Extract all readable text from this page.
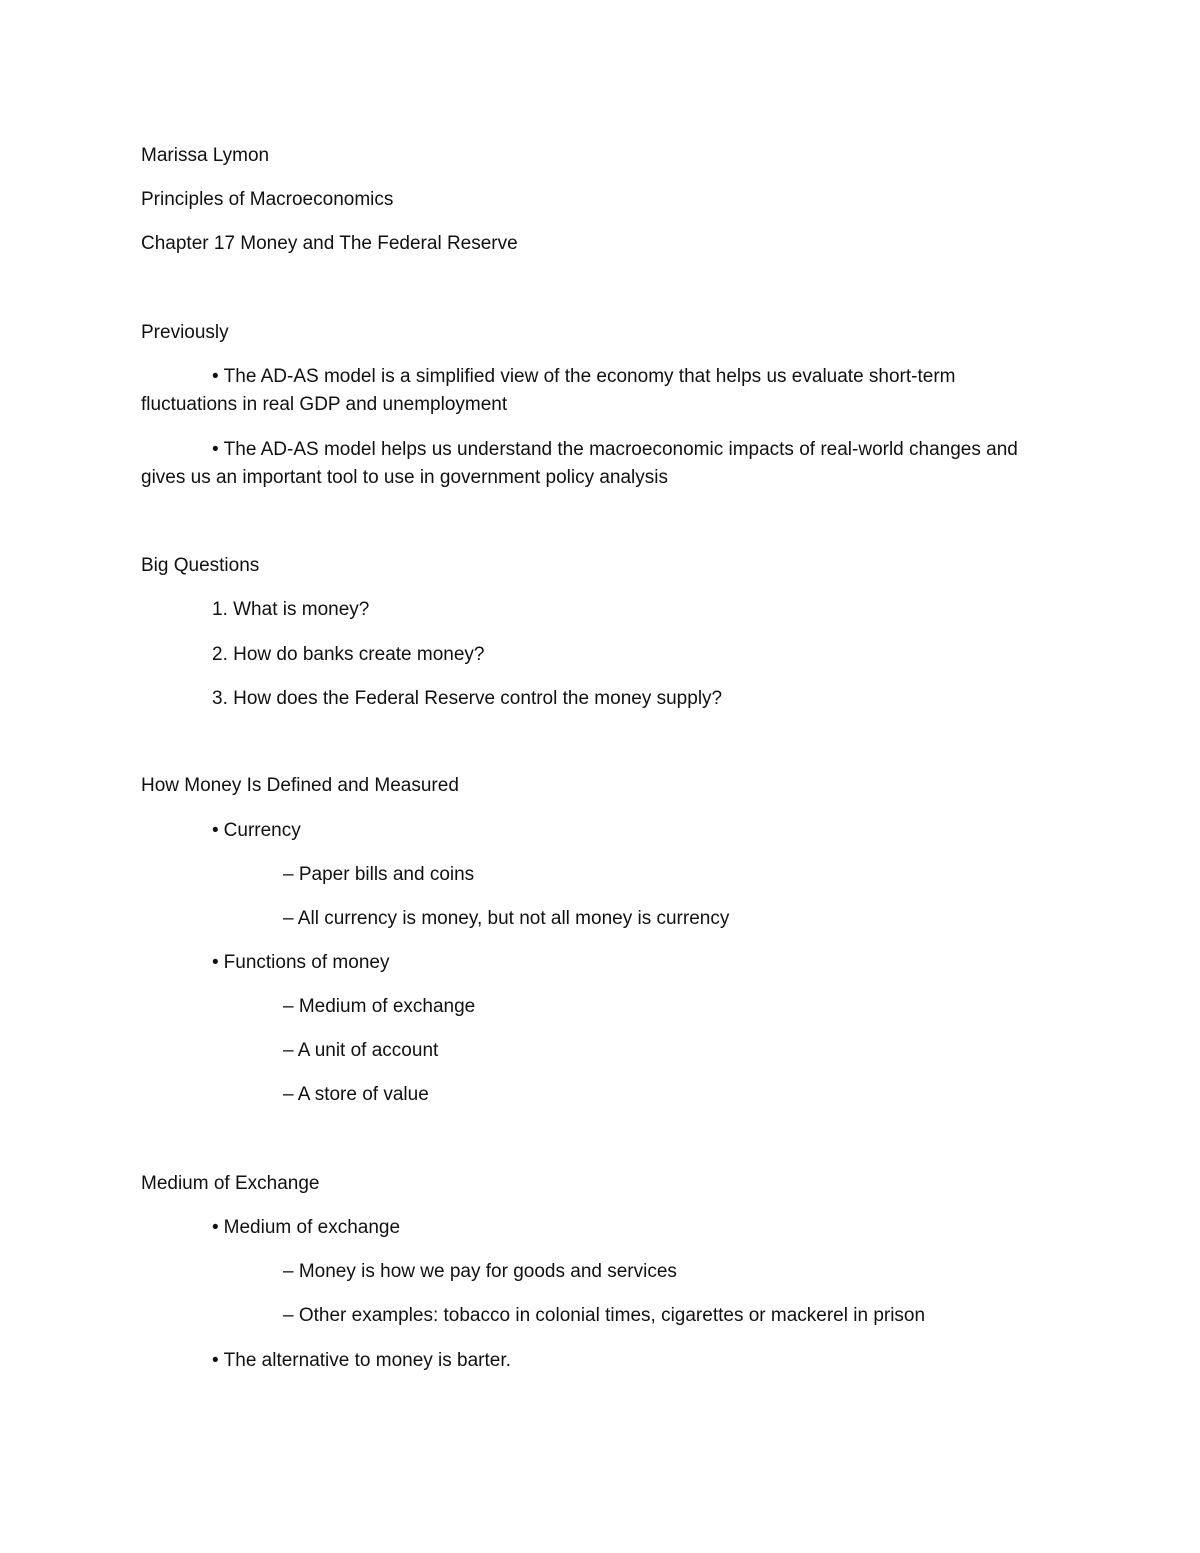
Marissa Lymon
Principles of Macroeconomics
Chapter 17 Money and The Federal Reserve
Previously
• The AD-AS model is a simplified view of the economy that helps us evaluate short-term
fluctuations in real GDP and unemployment
• The AD-AS model helps us understand the macroeconomic impacts of real-world changes and
gives us an important tool to use in government policy analysis
Big Questions
1. What is money?
2. How do banks create money?
3. How does the Federal Reserve control the money supply?
How Money Is Defined and Measured
• Currency
– Paper bills and coins
– All currency is money, but not all money is currency
• Functions of money
– Medium of exchange
– A unit of account
– A store of value
Medium of Exchange
• Medium of exchange
– Money is how we pay for goods and services
– Other examples: tobacco in colonial times, cigarettes or mackerel in prison
• The alternative to money is barter.
